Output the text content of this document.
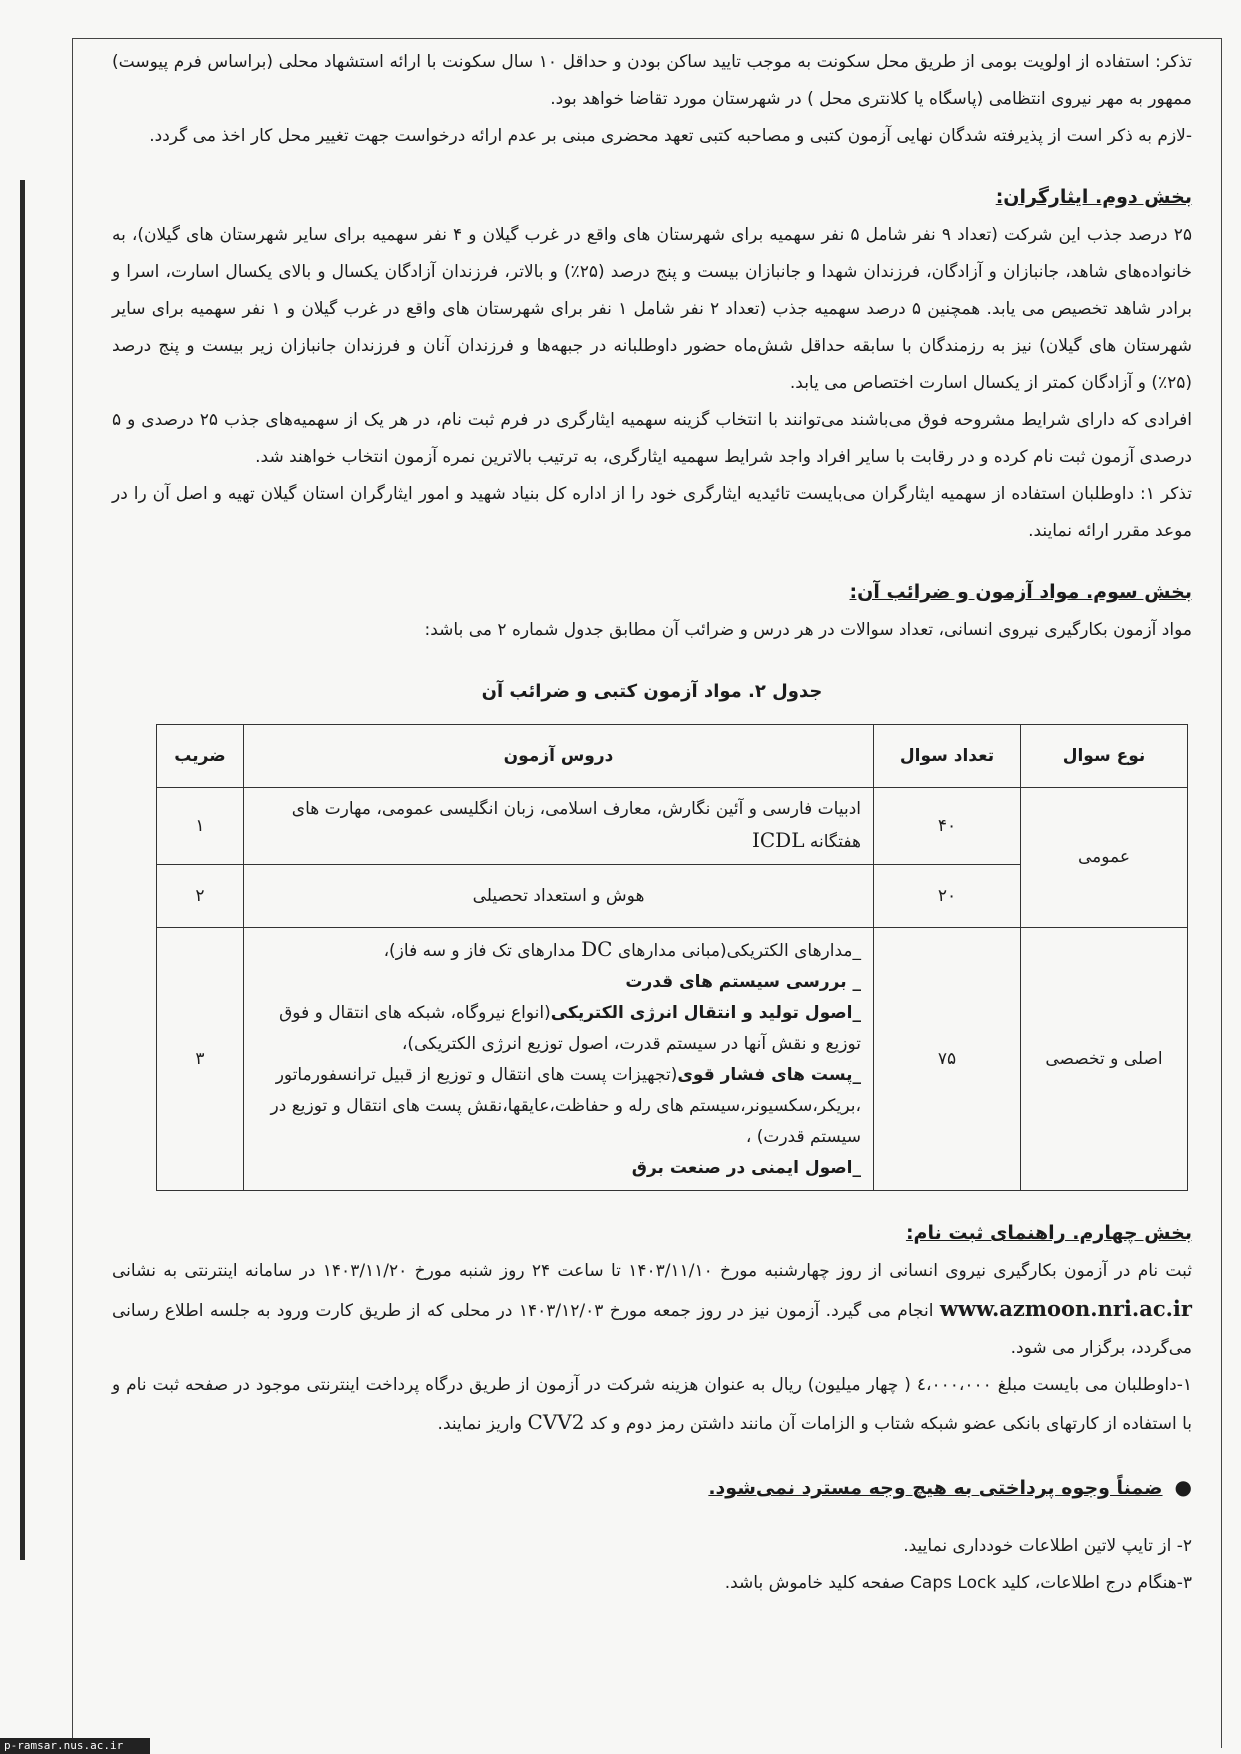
تذکر: استفاده از اولویت بومی از طریق محل سکونت به موجب تایید ساکن بودن و حداقل ۱۰ سال سکونت با ارائه استشهاد محلی (براساس فرم پیوست) ممهور به مهر نیروی انتظامی (پاسگاه یا کلانتری محل ) در شهرستان مورد تقاضا خواهد بود.

-لازم به ذکر است از پذیرفته شدگان نهایی آزمون کتبی و مصاحبه کتبی تعهد محضری مبنی بر عدم ارائه درخواست جهت تغییر محل کار اخذ می گردد.

بخش دوم. ایثارگران:

۲۵ درصد جذب این شرکت (تعداد ۹ نفر شامل ۵ نفر سهمیه برای شهرستان های واقع در غرب گیلان و ۴ نفر سهمیه برای سایر شهرستان های گیلان)، به خانواده‌های شاهد، جانبازان و آزادگان، فرزندان شهدا و جانبازان بیست و پنج درصد (۲۵٪) و بالاتر، فرزندان آزادگان یکسال و بالای یکسال اسارت، اسرا و برادر شاهد تخصیص می یابد. همچنین ۵ درصد سهمیه جذب (تعداد ۲ نفر شامل ۱ نفر برای شهرستان های واقع در غرب گیلان و ۱ نفر سهمیه برای سایر شهرستان های گیلان) نیز به رزمندگان با سابقه حداقل شش‌ماه حضور داوطلبانه در جبهه‌ها و فرزندان آنان و فرزندان جانبازان زیر بیست و پنج درصد (۲۵٪) و آزادگان کمتر از یکسال اسارت اختصاص می یابد.

افرادی که دارای شرایط مشروحه فوق می‌باشند می‌توانند با انتخاب گزینه سهمیه ایثارگری در فرم ثبت نام، در هر یک از سهمیه‌های جذب ۲۵ درصدی و ۵ درصدی آزمون ثبت نام کرده و در رقابت با سایر افراد واجد شرایط سهمیه ایثارگری، به ترتیب بالاترین نمره آزمون انتخاب خواهند شد.

تذکر ۱: داوطلبان استفاده از سهمیه ایثارگران می‌بایست تائیدیه ایثارگری خود را از اداره کل بنیاد شهید و امور ایثارگران استان گیلان تهیه و اصل آن را در موعد مقرر ارائه نمایند.

بخش سوم. مواد آزمون و ضرائب آن:

مواد آزمون بکارگیری نیروی انسانی، تعداد سوالات در هر درس و ضرائب آن مطابق جدول شماره ۲ می باشد:

جدول ۲. مواد آزمون کتبی و ضرائب آن

نوع سوال	تعداد سوال	دروس آزمون	ضریب
عمومی	۴۰	ادبیات فارسی و آئین نگارش، معارف اسلامی، زبان انگلیسی عمومی، مهارت های هفتگانه ICDL	۱
	۲۰	هوش و استعداد تحصیلی	۲
اصلی و تخصصی	۷۵	_مدارهای الکتریکی(مبانی مدارهای DC مدارهای تک فاز و سه فاز)،
_ بررسی سیستم های قدرت
_اصول تولید و انتقال انرژی الکتریکی(انواع نیروگاه، شبکه های انتقال و فوق توزیع و نقش آنها در سیستم قدرت، اصول توزیع انرژی الکتریکی)،
_پست های فشار قوی(تجهیزات پست های انتقال و توزیع از قبیل ترانسفورماتور ،بریکر،سکسیونر،سیستم های رله و حفاظت،عایقها،نقش پست های انتقال و توزیع در سیستم قدرت) ،
_اصول ایمنی در صنعت برق	۳

بخش چهارم. راهنمای ثبت نام:

ثبت نام در آزمون بکارگیری نیروی انسانی از روز چهارشنبه مورخ ۱۴۰۳/۱۱/۱۰ تا ساعت ۲۴ روز شنبه مورخ ۱۴۰۳/۱۱/۲۰ در سامانه اینترنتی به نشانی www.azmoon.nri.ac.ir انجام می گیرد. آزمون نیز در روز جمعه مورخ ۱۴۰۳/۱۲/۰۳ در محلی که از طریق کارت ورود به جلسه اطلاع رسانی می‌گردد، برگزار می شود.

۱-داوطلبان می بایست مبلغ ٤،٠٠٠،٠٠٠ ( چهار میلیون) ریال به عنوان هزینه شرکت در آزمون از طریق درگاه پرداخت اینترنتی موجود در صفحه ثبت نام و با استفاده از کارتهای بانکی عضو شبکه شتاب و الزامات آن مانند داشتن رمز دوم و کد CVV2 واریز نمایند.

●ضمناً وجوه پرداختی به هیچ وجه مسترد نمی‌شود.

۲- از تایپ لاتین اطلاعات خودداری نمایید.

۳-هنگام درج اطلاعات، کلید Caps Lock صفحه کلید خاموش باشد.

p-ramsar.nus.ac.ir
